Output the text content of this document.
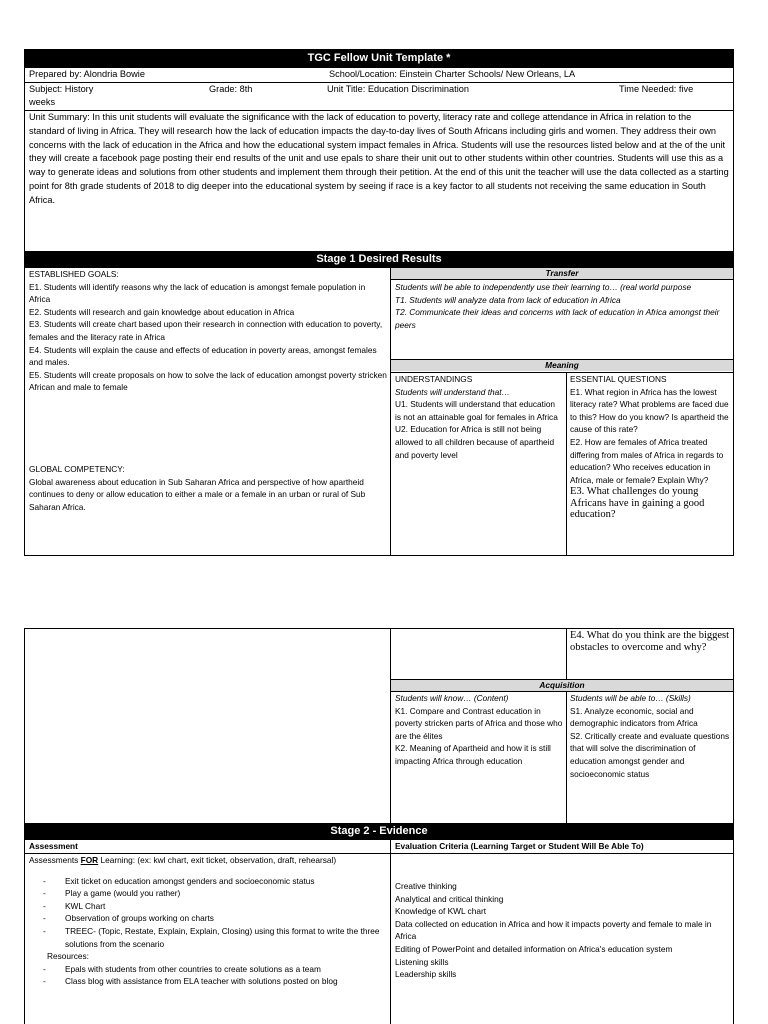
TGC Fellow Unit Template *
Prepared by: Alondria Bowie	School/Location: Einstein Charter Schools/ New Orleans, LA
Subject: History	Grade: 8th	Unit Title: Education Discrimination	Time Needed: five
weeks
Unit Summary: In this unit students will evaluate the significance with the lack of education to poverty, literacy rate and college attendance in Africa in relation to the standard of living in Africa. They will research how the lack of education impacts the day-to-day lives of South Africans including girls and women. They address their own concerns with the lack of education in the Africa and how the educational system impact females in Africa. Students will use the resources listed below and at the of the unit they will create a facebook page posting their end results of the unit and use epals to share their unit out to other students within other countries. Students will use this as a way to generate ideas and solutions from other students and implement them through their petition. At the end of this unit the teacher will use the data collected as a starting point for 8th grade students of 2018 to dig deeper into the educational system by seeing if race is a key factor to all students not receiving the same education in South Africa.
Stage 1 Desired Results
ESTABLISHED GOALS:
E1. Students will identify reasons why the lack of education is amongst female population in Africa
E2. Students will research and gain knowledge about education in Africa
E3. Students will create chart based upon their research in connection with education to poverty, females and the literacy rate in Africa
E4. Students will explain the cause and effects of education in poverty areas, amongst females and males.
E5. Students will create proposals on how to solve the lack of education amongst poverty stricken African and male to female
GLOBAL COMPETENCY:
Global awareness about education in Sub Saharan Africa and perspective of how apartheid continues to deny or allow education to either a male or a female in an urban or rural of Sub Saharan Africa.
Transfer
Students will be able to independently use their learning to… (real world purpose
T1. Students will analyze data from lack of education in Africa
T2. Communicate their ideas and concerns with lack of education in Africa amongst their peers
Meaning
UNDERSTANDINGS
Students will understand that…
U1. Students will understand that education is not an attainable goal for females in Africa
U2. Education for Africa is still not being allowed to all children because of apartheid and poverty level
ESSENTIAL QUESTIONS
E1. What region in Africa has the lowest literacy rate? What problems are faced due to this? How do you know? Is apartheid the cause of this rate?
E2. How are females of Africa treated differing from males of Africa in regards to education? Who receives education in Africa, male or female? Explain Why?
E3. What challenges do young Africans have in gaining a good education?
E4. What do you think are the biggest obstacles to overcome and why?
Acquisition
Students will know… (Content)
K1. Compare and Contrast education in poverty stricken parts of Africa and those who are the élites
K2. Meaning of Apartheid and how it is still impacting Africa through education
Students will be able to… (Skills)
S1. Analyze economic, social and demographic indicators from Africa
S2. Critically create and evaluate questions that will solve the discrimination of education amongst gender and socioeconomic status
Stage 2 - Evidence
Assessment	Evaluation Criteria (Learning Target or Student Will Be Able To)
Assessments FOR Learning: (ex: kwl chart, exit ticket, observation, draft, rehearsal)
- Exit ticket on education amongst genders and socioeconomic status
- Play a game (would you rather)
- KWL Chart
- Observation of groups working on charts
- TREEC- (Topic, Restate, Explain, Explain, Closing) using this format to write the three solutions from the scenario
Resources:
- Epals with students from other countries to create solutions as a team
- Class blog with assistance from ELA teacher with solutions posted on blog
Creative thinking
Analytical and critical thinking
Knowledge of KWL chart
Data collected on education in Africa and how it impacts poverty and female to male in Africa
Editing of PowerPoint and detailed information on Africa's education system
Listening skills
Leadership skills
